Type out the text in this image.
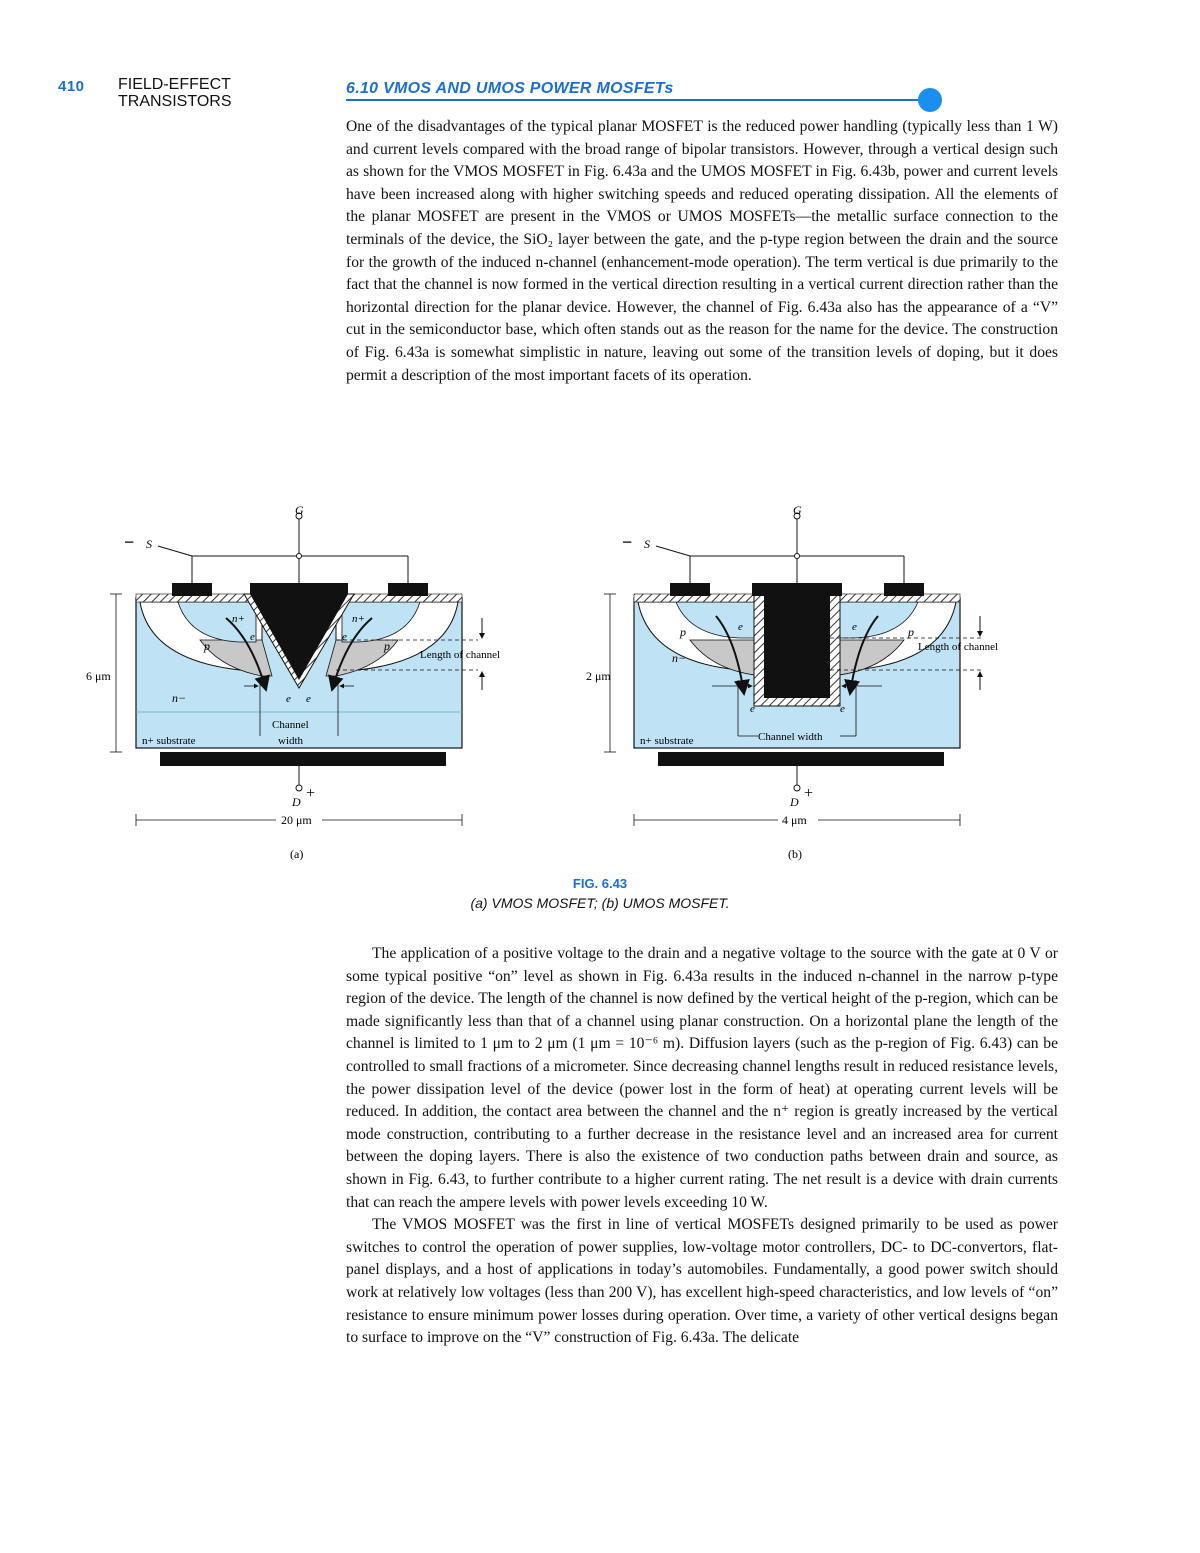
410 FIELD-EFFECT
TRANSISTORS
6.10 VMOS AND UMOS POWER MOSFETs

One of the disadvantages of the typical planar MOSFET is the reduced power handling (typically less than 1 W) and current levels compared with the broad range of bipolar transistors. However, through a vertical design such as shown for the VMOS MOSFET in Fig. 6.43a and the UMOS MOSFET in Fig. 6.43b, power and current levels have been increased along with higher switching speeds and reduced operating dissipation. All the elements of the planar MOSFET are present in the VMOS or UMOS MOSFETs—the metallic surface connection to the terminals of the device, the SiO₂ layer between the gate, and the p-type region between the drain and the source for the growth of the induced n-channel (enhancement-mode operation). The term vertical is due primarily to the fact that the channel is now formed in the vertical direction resulting in a vertical current direction rather than the horizontal direction for the planar device. However, the channel of Fig. 6.43a also has the appearance of a “V” cut in the semiconductor base, which often stands out as the reason for the name for the device. The construction of Fig. 6.43a is somewhat simplistic in nature, leaving out some of the transition levels of doping, but it does permit a description of the most important facets of its operation.

G
− S
n+	n+
p	p
e	e
e e
n−
n+ substrate
Length of channel
Channel
width
6 μm
D +
20 μm
(a)
G
− S
p	p
e	e
e	e
n−
n+ substrate
Length of channel
Channel width
2 μm
D +
4 μm
(b)
FIG. 6.43
(a) VMOS MOSFET; (b) UMOS MOSFET.

The application of a positive voltage to the drain and a negative voltage to the source with the gate at 0 V or some typical positive “on” level as shown in Fig. 6.43a results in the induced n-channel in the narrow p-type region of the device. The length of the channel is now defined by the vertical height of the p-region, which can be made significantly less than that of a channel using planar construction. On a horizontal plane the length of the channel is limited to 1 μm to 2 μm (1 μm = 10⁻⁶ m). Diffusion layers (such as the p-region of Fig. 6.43) can be controlled to small fractions of a micrometer. Since decreasing channel lengths result in reduced resistance levels, the power dissipation level of the device (power lost in the form of heat) at operating current levels will be reduced. In addition, the contact area between the channel and the n⁺ region is greatly increased by the vertical mode construction, contributing to a further decrease in the resistance level and an increased area for current between the doping layers. There is also the existence of two conduction paths between drain and source, as shown in Fig. 6.43, to further contribute to a higher current rating. The net result is a device with drain currents that can reach the ampere levels with power levels exceeding 10 W.

The VMOS MOSFET was the first in line of vertical MOSFETs designed primarily to be used as power switches to control the operation of power supplies, low-voltage motor controllers, DC- to DC-convertors, flat-panel displays, and a host of applications in today’s automobiles. Fundamentally, a good power switch should work at relatively low voltages (less than 200 V), has excellent high-speed characteristics, and low levels of “on” resistance to ensure minimum power losses during operation. Over time, a variety of other vertical designs began to surface to improve on the “V” construction of Fig. 6.43a. The delicate
